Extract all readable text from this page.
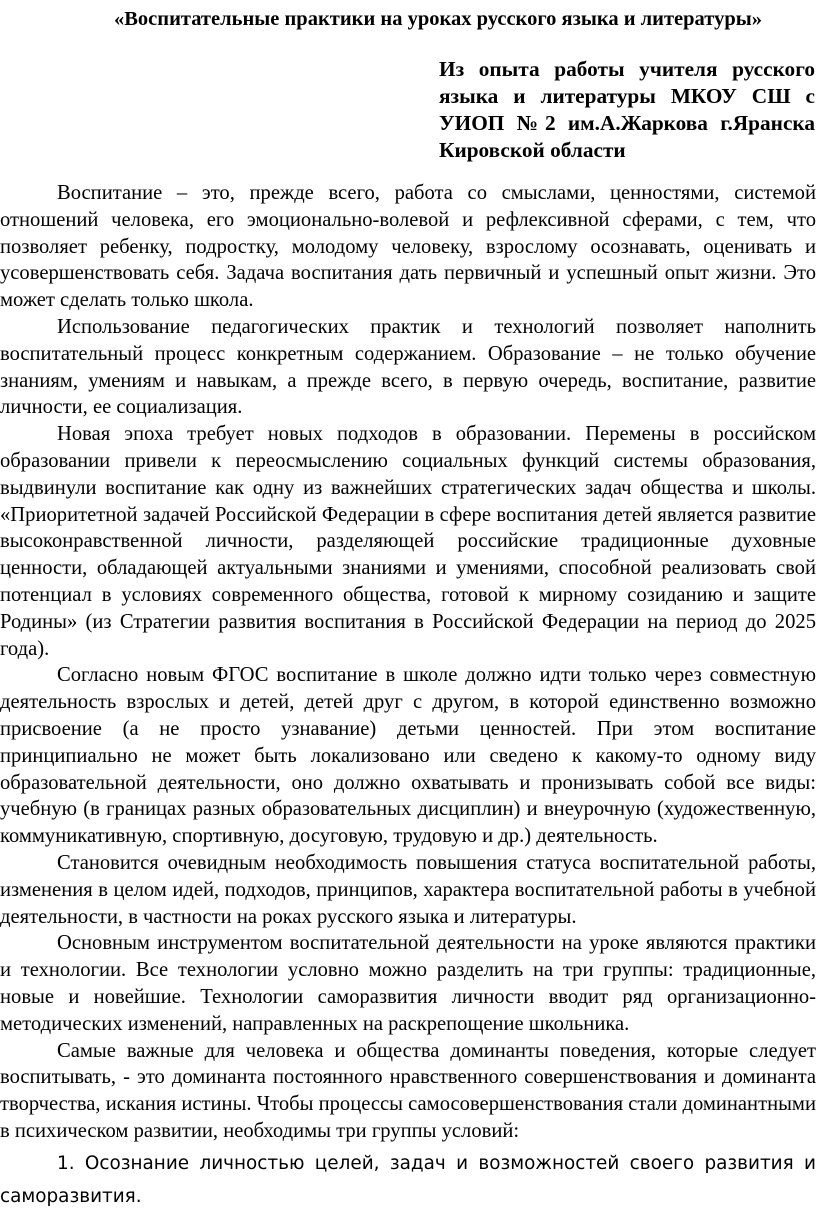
«Воспитательные практики на уроках русского языка и литературы»
Из опыта работы учителя русского языка и литературы МКОУ СШ с УИОП №2 им.А.Жаркова г.Яранска Кировской области

Воспитание – это, прежде всего, работа со смыслами, ценностями, системой отношений человека, его эмоционально-волевой и рефлексивной сферами, с тем, что позволяет ребенку, подростку, молодому человеку, взрослому осознавать, оценивать и усовершенствовать себя. Задача воспитания дать первичный и успешный опыт жизни. Это может сделать только школа.

Использование педагогических практик и технологий позволяет наполнить воспитательный процесс конкретным содержанием. Образование – не только обучение знаниям, умениям и навыкам, а прежде всего, в первую очередь, воспитание, развитие личности, ее социализация.

Новая эпоха требует новых подходов в образовании. Перемены в российском образовании привели к переосмыслению социальных функций системы образования, выдвинули воспитание как одну из важнейших стратегических задач общества и школы. «Приоритетной задачей Российской Федерации в сфере воспитания детей является развитие высоконравственной личности, разделяющей российские традиционные духовные ценности, обладающей актуальными знаниями и умениями, способной реализовать свой потенциал в условиях современного общества, готовой к мирному созиданию и защите Родины» (из Стратегии развития воспитания в Российской Федерации на период до 2025 года).

Согласно новым ФГОС воспитание в школе должно идти только через совместную деятельность взрослых и детей, детей друг с другом, в которой единственно возможно присвоение (а не просто узнавание) детьми ценностей. При этом воспитание принципиально не может быть локализовано или сведено к какому-то одному виду образовательной деятельности, оно должно охватывать и пронизывать собой все виды: учебную (в границах разных образовательных дисциплин) и внеурочную (художественную, коммуникативную, спортивную, досуговую, трудовую и др.) деятельность.

Становится очевидным необходимость повышения статуса воспитательной работы, изменения в целом идей, подходов, принципов, характера воспитательной работы в учебной деятельности, в частности на роках русского языка и литературы.

Основным инструментом воспитательной деятельности на уроке являются практики и технологии. Все технологии условно можно разделить на три группы: традиционные, новые и новейшие. Технологии саморазвития личности вводит ряд организационно-методических изменений, направленных на раскрепощение школьника.

Самые важные для человека и общества доминанты поведения, которые следует воспитывать, - это доминанта постоянного нравственного совершенствования и доминанта творчества, искания истины. Чтобы процессы самосовершенствования стали доминантными в психическом развитии, необходимы три группы условий:

1. Осознание личностью целей, задач и возможностей своего развития и саморазвития.
